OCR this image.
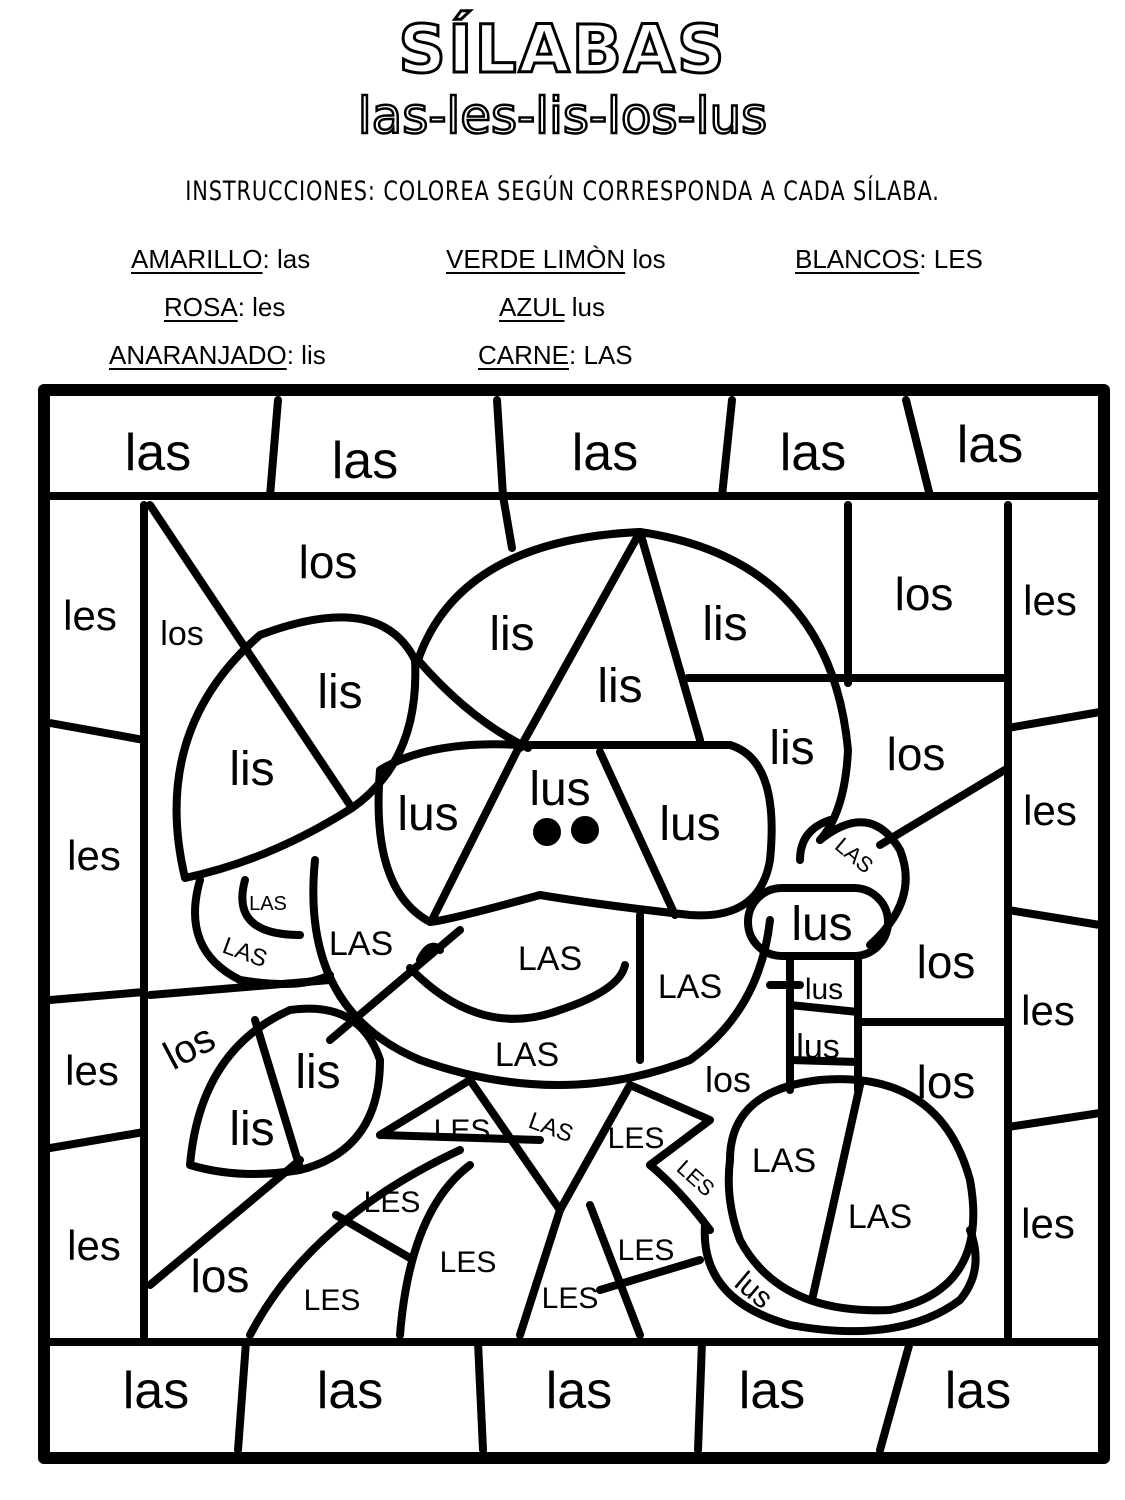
SÍLABAS
las-les-lis-los-lus
INSTRUCCIONES: COLOREA SEGÚN CORRESPONDA A CADA SÍLABA.
AMARILLO: las	VERDE LIMÒN los	BLANCOS: LES
ROSA: les	AZUL lus
ANARANJADO: lis	CARNE: LAS
las	las	las	las las
las las	las las	las
les
les
les
les
les
les
les
les
los
los
los
los
los
los
los
los
los
lis
lis
lis
lis
lis
lis
lis
lis
lus lus
lus
lus
lus
lus
lus
LAS	LAS
LAS
LAS
LAS
LAS
LAS
LAS
LAS
LAS
LES	LES
LES
LES
LES	LES
LES	LES
